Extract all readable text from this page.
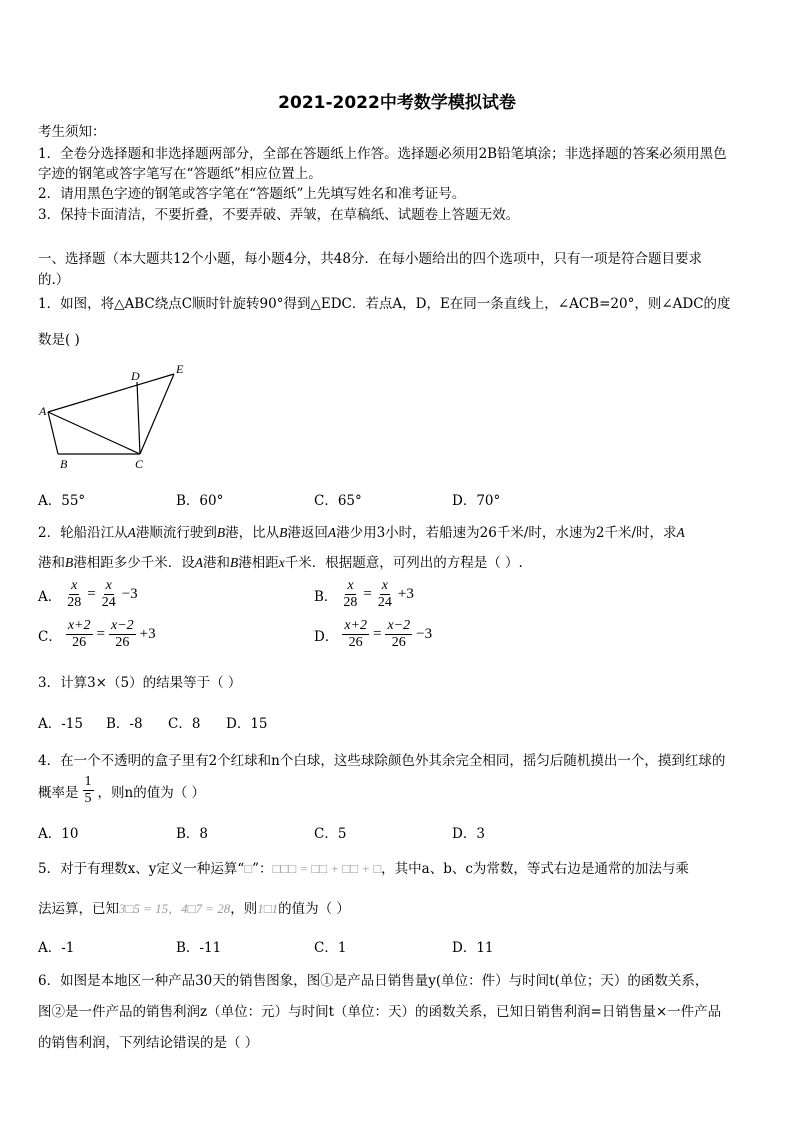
2021-2022中考数学模拟试卷
考生须知：
1．全卷分选择题和非选择题两部分，全部在答题纸上作答。选择题必须用2B铅笔填涂；非选择题的答案必须用黑色
字迹的钢笔或答字笔写在“答题纸”相应位置上。
2．请用黑色字迹的钢笔或答字笔在“答题纸”上先填写姓名和准考证号。
3．保持卡面清洁，不要折叠，不要弄破、弄皱，在草稿纸、试题卷上答题无效。
一、选择题（本大题共12个小题，每小题4分，共48分．在每小题给出的四个选项中，只有一项是符合题目要求
的.）
1．如图，将△ABC绕点C顺时针旋转90°得到△EDC．若点A，D，E在同一条直线上，∠ACB=20°，则∠ADC的度
数是( )
A
B	C
D	E
A．55°	B．60°	C．65°	D．70°
2．轮船沿江从A港顺流行驶到B港，比从B港返回A港少用3小时，若船速为26千米/时，水速为2千米/时，求A
港和B港相距多少千米．设A港和B港相距x千米．根据题意，可列出的方程是（ ）.
A． $\frac{x}{28} = \frac{x}{24} -3$	B． $\frac{x}{28} = \frac{x}{24} +3$
C． $\frac{x+2}{26} = \frac{x-2}{26} +3$	D． $\frac{x+2}{26} = \frac{x-2}{26} -3$
3．计算3×（5）的结果等于（ ）
A．-15 B．-8 C．8 D．15
4．在一个不透明的盒子里有2个红球和n个白球，这些球除颜色外其余完全相同，摇匀后随机摸出一个，摸到红球的
概率是 $\frac{1}{5}$ ，则n的值为（ ）
A．10	B．8	C．5	D．3
5．对于有理数x、y定义一种运算“□”：□□□ = □□ + □□ + □，其中a、b、c为常数，等式右边是通常的加法与乘
法运算，已知3□5 = 15，4□7 = 28，则1□1的值为（ ）
A．-1	B．-11	C．1	D．11
6．如图是本地区一种产品30天的销售图象，图①是产品日销售量y(单位：件）与时间t(单位；天）的函数关系，
图②是一件产品的销售利润z（单位：元）与时间t（单位：天）的函数关系，已知日销售利润=日销售量×一件产品
的销售利润，下列结论错误的是（ ）
